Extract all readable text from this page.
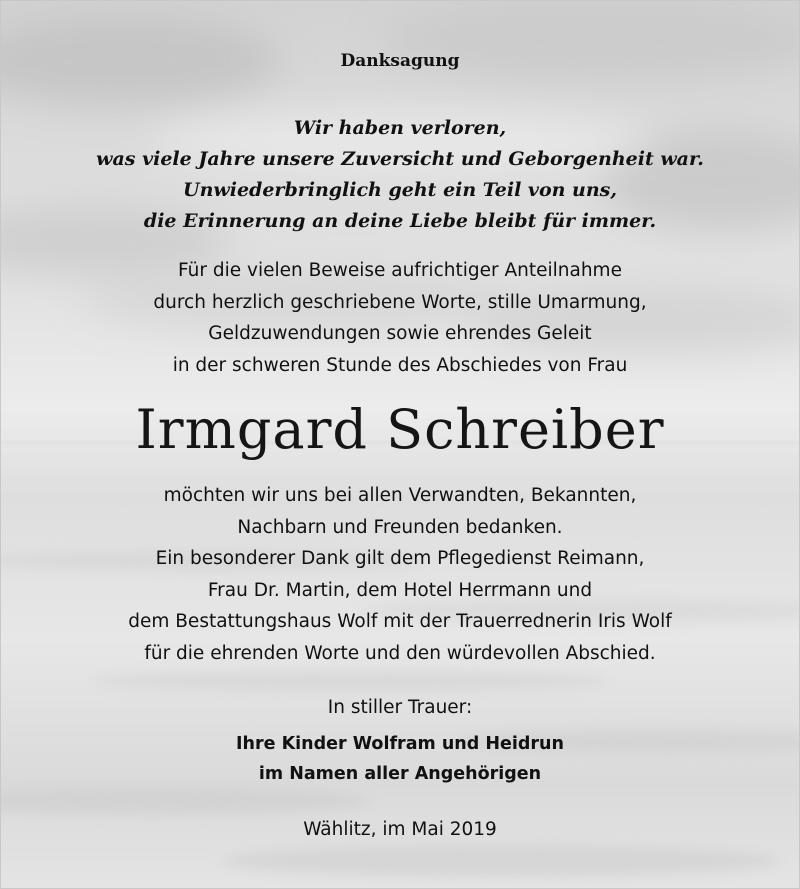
Danksagung
Wir haben verloren,
was viele Jahre unsere Zuversicht und Geborgenheit war.
Unwiederbringlich geht ein Teil von uns,
die Erinnerung an deine Liebe bleibt für immer.
Für die vielen Beweise aufrichtiger Anteilnahme
durch herzlich geschriebene Worte, stille Umarmung,
Geldzuwendungen sowie ehrendes Geleit
in der schweren Stunde des Abschiedes von Frau
Irmgard Schreiber
möchten wir uns bei allen Verwandten, Bekannten,
Nachbarn und Freunden bedanken.
Ein besonderer Dank gilt dem Pflegedienst Reimann,
Frau Dr. Martin, dem Hotel Herrmann und
dem Bestattungshaus Wolf mit der Trauerrednerin Iris Wolf
für die ehrenden Worte und den würdevollen Abschied.
In stiller Trauer:
Ihre Kinder Wolfram und Heidrun
im Namen aller Angehörigen
Wählitz, im Mai 2019
